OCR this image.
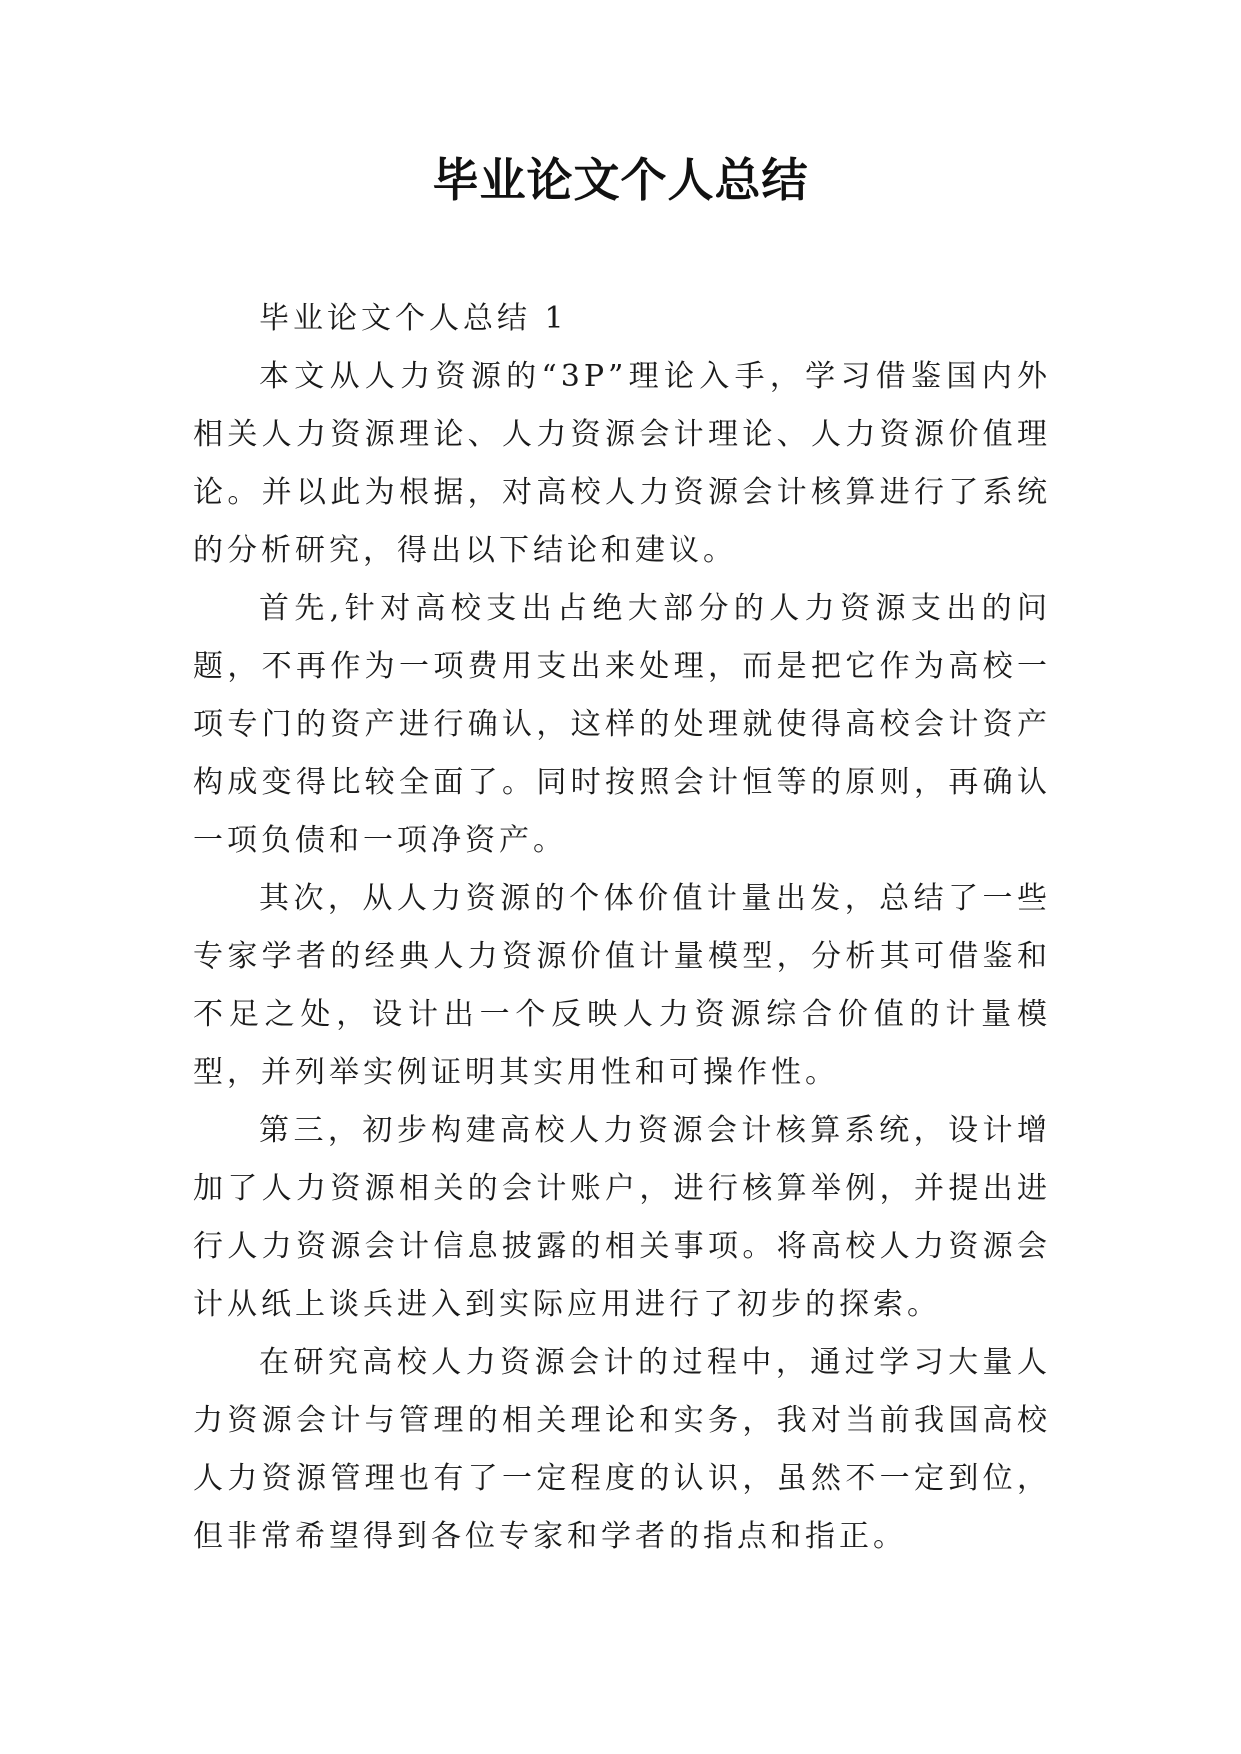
毕业论文个人总结

毕业论文个人总结 1

本文从人力资源的“3P”理论入手，学习借鉴国内外相关人力资源理论、人力资源会计理论、人力资源价值理论。并以此为根据，对高校人力资源会计核算进行了系统的分析研究，得出以下结论和建议。

首先,针对高校支出占绝大部分的人力资源支出的问题，不再作为一项费用支出来处理，而是把它作为高校一项专门的资产进行确认，这样的处理就使得高校会计资产构成变得比较全面了。同时按照会计恒等的原则，再确认一项负债和一项净资产。

其次，从人力资源的个体价值计量出发，总结了一些专家学者的经典人力资源价值计量模型，分析其可借鉴和不足之处，设计出一个反映人力资源综合价值的计量模型，并列举实例证明其实用性和可操作性。

第三，初步构建高校人力资源会计核算系统，设计增加了人力资源相关的会计账户，进行核算举例，并提出进行人力资源会计信息披露的相关事项。将高校人力资源会计从纸上谈兵进入到实际应用进行了初步的探索。

在研究高校人力资源会计的过程中，通过学习大量人力资源会计与管理的相关理论和实务，我对当前我国高校人力资源管理也有了一定程度的认识，虽然不一定到位，但非常希望得到各位专家和学者的指点和指正。
